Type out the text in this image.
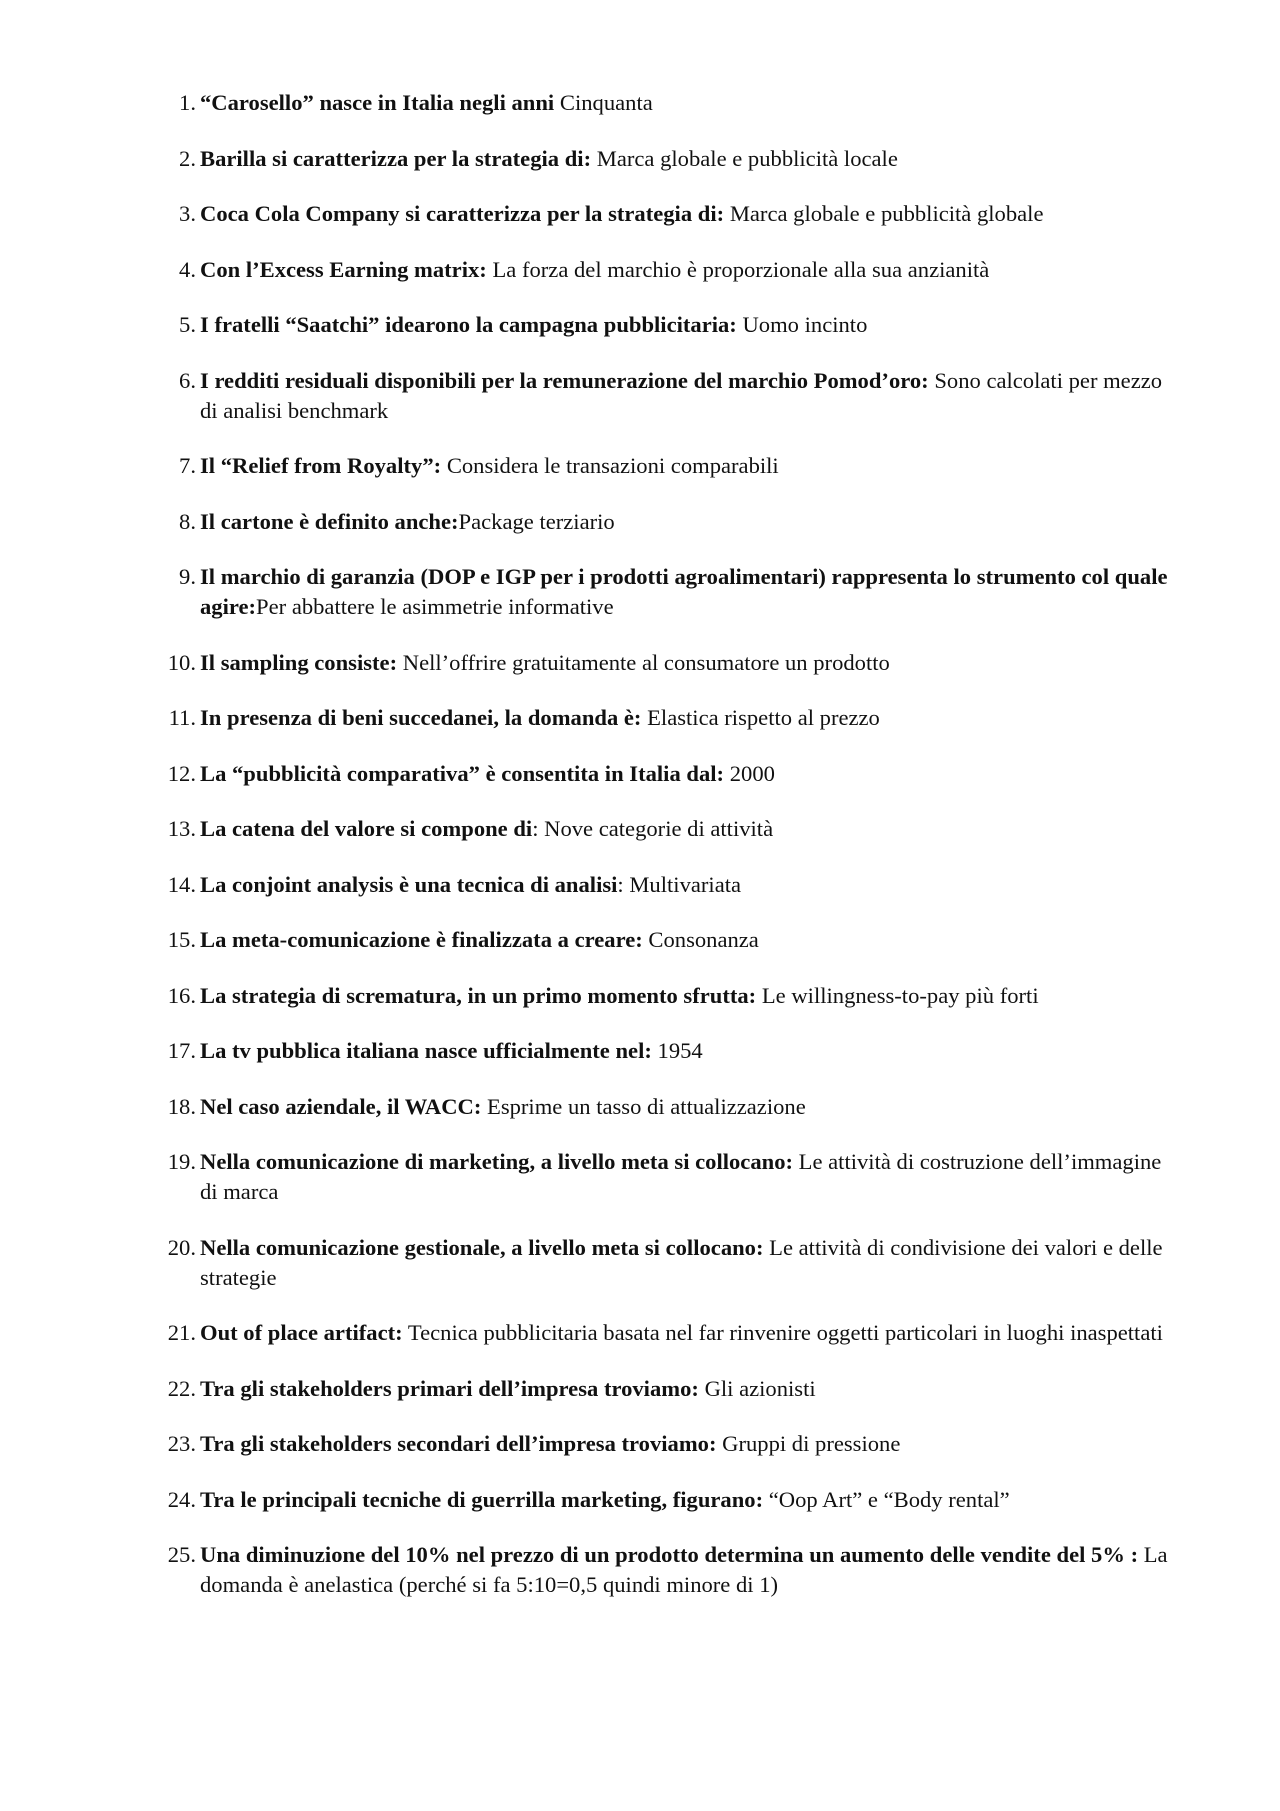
1. “Carosello” nasce in Italia negli anni Cinquanta
2. Barilla si caratterizza per la strategia di: Marca globale e pubblicità locale
3. Coca Cola Company si caratterizza per la strategia di: Marca globale e pubblicità globale
4. Con l’Excess Earning matrix: La forza del marchio è proporzionale alla sua anzianità
5. I fratelli “Saatchi” idearono la campagna pubblicitaria: Uomo incinto
6. I redditi residuali disponibili per la remunerazione del marchio Pomod’oro: Sono calcolati per mezzo di analisi benchmark
7. Il “Relief from Royalty”: Considera le transazioni comparabili
8. Il cartone è definito anche:Package terziario
9. Il marchio di garanzia (DOP e IGP per i prodotti agroalimentari) rappresenta lo strumento col quale agire:Per abbattere le asimmetrie informative
10. Il sampling consiste: Nell’offrire gratuitamente al consumatore un prodotto
11. In presenza di beni succedanei, la domanda è: Elastica rispetto al prezzo
12. La “pubblicità comparativa” è consentita in Italia dal: 2000
13. La catena del valore si compone di: Nove categorie di attività
14. La conjoint analysis è una tecnica di analisi: Multivariata
15. La meta-comunicazione è finalizzata a creare: Consonanza
16. La strategia di scrematura, in un primo momento sfrutta: Le willingness-to-pay più forti
17. La tv pubblica italiana nasce ufficialmente nel: 1954
18. Nel caso aziendale, il WACC: Esprime un tasso di attualizzazione
19. Nella comunicazione di marketing, a livello meta si collocano: Le attività di costruzione dell’immagine di marca
20. Nella comunicazione gestionale, a livello meta si collocano: Le attività di condivisione dei valori e delle strategie
21. Out of place artifact: Tecnica pubblicitaria basata nel far rinvenire oggetti particolari in luoghi inaspettati
22. Tra gli stakeholders primari dell’impresa troviamo: Gli azionisti
23. Tra gli stakeholders secondari dell’impresa troviamo: Gruppi di pressione
24. Tra le principali tecniche di guerrilla marketing, figurano: “Oop Art” e “Body rental”
25. Una diminuzione del 10% nel prezzo di un prodotto determina un aumento delle vendite del 5% : La domanda è anelastica (perché si fa 5:10=0,5 quindi minore di 1)
